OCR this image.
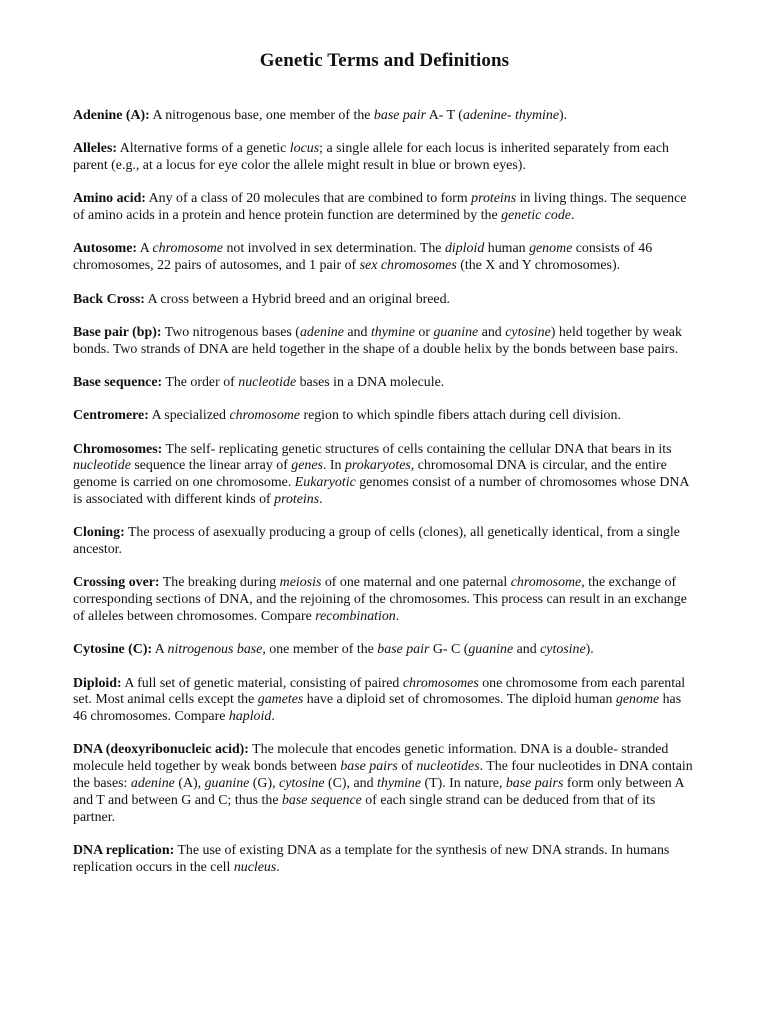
Genetic Terms and Definitions

Adenine (A): A nitrogenous base, one member of the base pair A- T (adenine- thymine).

Alleles: Alternative forms of a genetic locus; a single allele for each locus is inherited separately from each parent (e.g., at a locus for eye color the allele might result in blue or brown eyes).

Amino acid: Any of a class of 20 molecules that are combined to form proteins in living things. The sequence of amino acids in a protein and hence protein function are determined by the genetic code.

Autosome: A chromosome not involved in sex determination. The diploid human genome consists of 46 chromosomes, 22 pairs of autosomes, and 1 pair of sex chromosomes (the X and Y chromosomes).

Back Cross: A cross between a Hybrid breed and an original breed.

Base pair (bp): Two nitrogenous bases (adenine and thymine or guanine and cytosine) held together by weak bonds. Two strands of DNA are held together in the shape of a double helix by the bonds between base pairs.

Base sequence: The order of nucleotide bases in a DNA molecule.

Centromere: A specialized chromosome region to which spindle fibers attach during cell division.

Chromosomes: The self- replicating genetic structures of cells containing the cellular DNA that bears in its nucleotide sequence the linear array of genes. In prokaryotes, chromosomal DNA is circular, and the entire genome is carried on one chromosome. Eukaryotic genomes consist of a number of chromosomes whose DNA is associated with different kinds of proteins.

Cloning: The process of asexually producing a group of cells (clones), all genetically identical, from a single ancestor.

Crossing over: The breaking during meiosis of one maternal and one paternal chromosome, the exchange of corresponding sections of DNA, and the rejoining of the chromosomes. This process can result in an exchange of alleles between chromosomes. Compare recombination.

Cytosine (C): A nitrogenous base, one member of the base pair G- C (guanine and cytosine).

Diploid: A full set of genetic material, consisting of paired chromosomes one chromosome from each parental set. Most animal cells except the gametes have a diploid set of chromosomes. The diploid human genome has 46 chromosomes. Compare haploid.

DNA (deoxyribonucleic acid): The molecule that encodes genetic information. DNA is a double- stranded molecule held together by weak bonds between base pairs of nucleotides. The four nucleotides in DNA contain the bases: adenine (A), guanine (G), cytosine (C), and thymine (T). In nature, base pairs form only between A and T and between G and C; thus the base sequence of each single strand can be deduced from that of its partner.

DNA replication: The use of existing DNA as a template for the synthesis of new DNA strands. In humans replication occurs in the cell nucleus.
